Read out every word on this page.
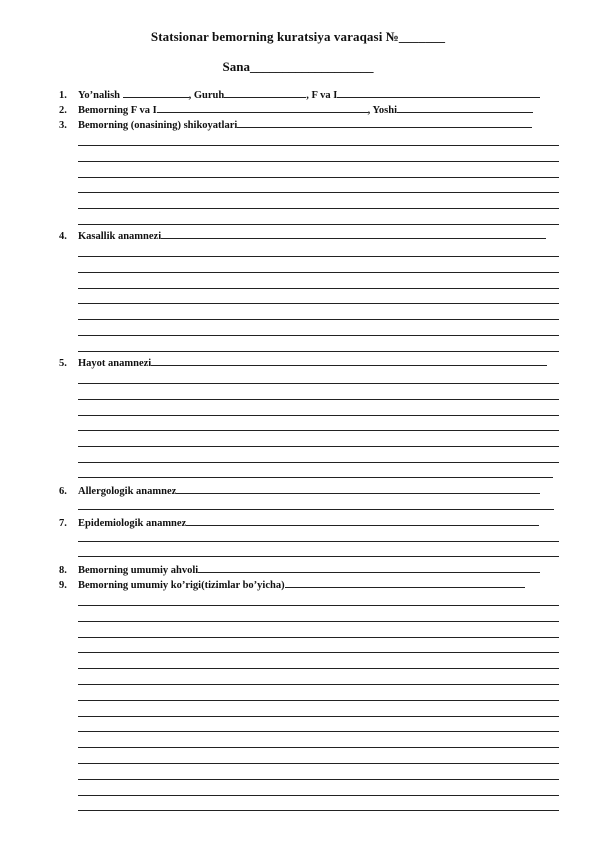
Statsionar bemorning kuratsiya varaqasi №_______
Sana___________________
1. Yo’nalish	, Guruh	, F va I
2. Bemorning F va I	, Yoshi
3. Bemorning (onasining) shikoyatlari
4. Kasallik anamnezi
5. Hayot anamnezi
6. Allergologik anamnez
7. Epidemiologik anamnez
8. Bemorning umumiy ahvoli
9. Bemorning umumiy ko’rigi(tizimlar bo’yicha)
